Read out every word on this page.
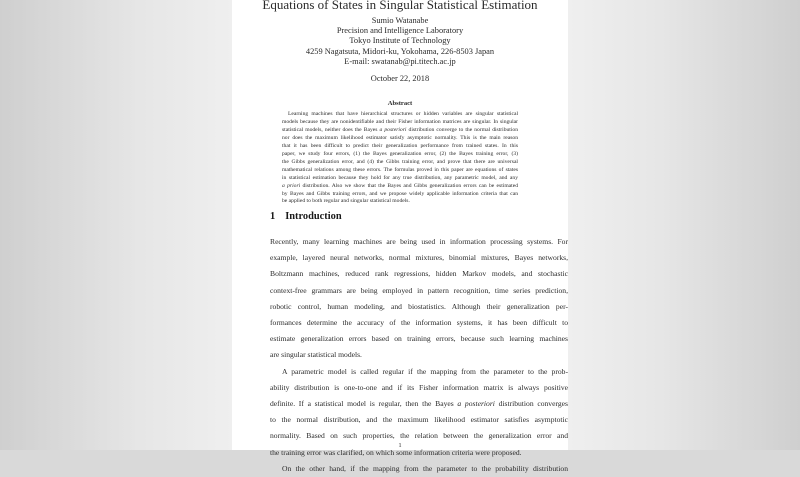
Equations of States in Singular Statistical Estimation
Sumio Watanabe
Precision and Intelligence Laboratory
Tokyo Institute of Technology
4259 Nagatsuta, Midori-ku, Yokohama, 226-8503 Japan
E-mail: swatanab@pi.titech.ac.jp
October 22, 2018
Abstract
Learning machines that have hierarchical structures or hidden variables are singular statistical
models because they are nonidentifiable and their Fisher information matrices are singular. In singular
statistical models, neither does the Bayes a posteriori distribution converge to the normal distribution
nor does the maximum likelihood estimator satisfy asymptotic normality. This is the main reason
that it has been difficult to predict their generalization performance from trained states. In this
paper, we study four errors, (1) the Bayes generalization error, (2) the Bayes training error, (3)
the Gibbs generalization error, and (4) the Gibbs training error, and prove that there are universal
mathematical relations among these errors. The formulas proved in this paper are equations of states
in statistical estimation because they hold for any true distribution, any parametric model, and any
a priori distribution. Also we show that the Bayes and Gibbs generalization errors can be estimated
by Bayes and Gibbs training errors, and we propose widely applicable information criteria that can
be applied to both regular and singular statistical models.
1 Introduction
Recently, many learning machines are being used in information processing systems. For
example, layered neural networks, normal mixtures, binomial mixtures, Bayes networks,
Boltzmann machines, reduced rank regressions, hidden Markov models, and stochastic
context-free grammars are being employed in pattern recognition, time series prediction,
robotic control, human modeling, and biostatistics. Although their generalization per-
formances determine the accuracy of the information systems, it has been difficult to
estimate generalization errors based on training errors, because such learning machines
are singular statistical models.
A parametric model is called regular if the mapping from the parameter to the prob-
ability distribution is one-to-one and if its Fisher information matrix is always positive
definite. If a statistical model is regular, then the Bayes a posteriori distribution converges
to the normal distribution, and the maximum likelihood estimator satisfies asymptotic
normality. Based on such properties, the relation between the generalization error and
the training error was clarified, on which some information criteria were proposed.
On the other hand, if the mapping from the parameter to the probability distribution
1
